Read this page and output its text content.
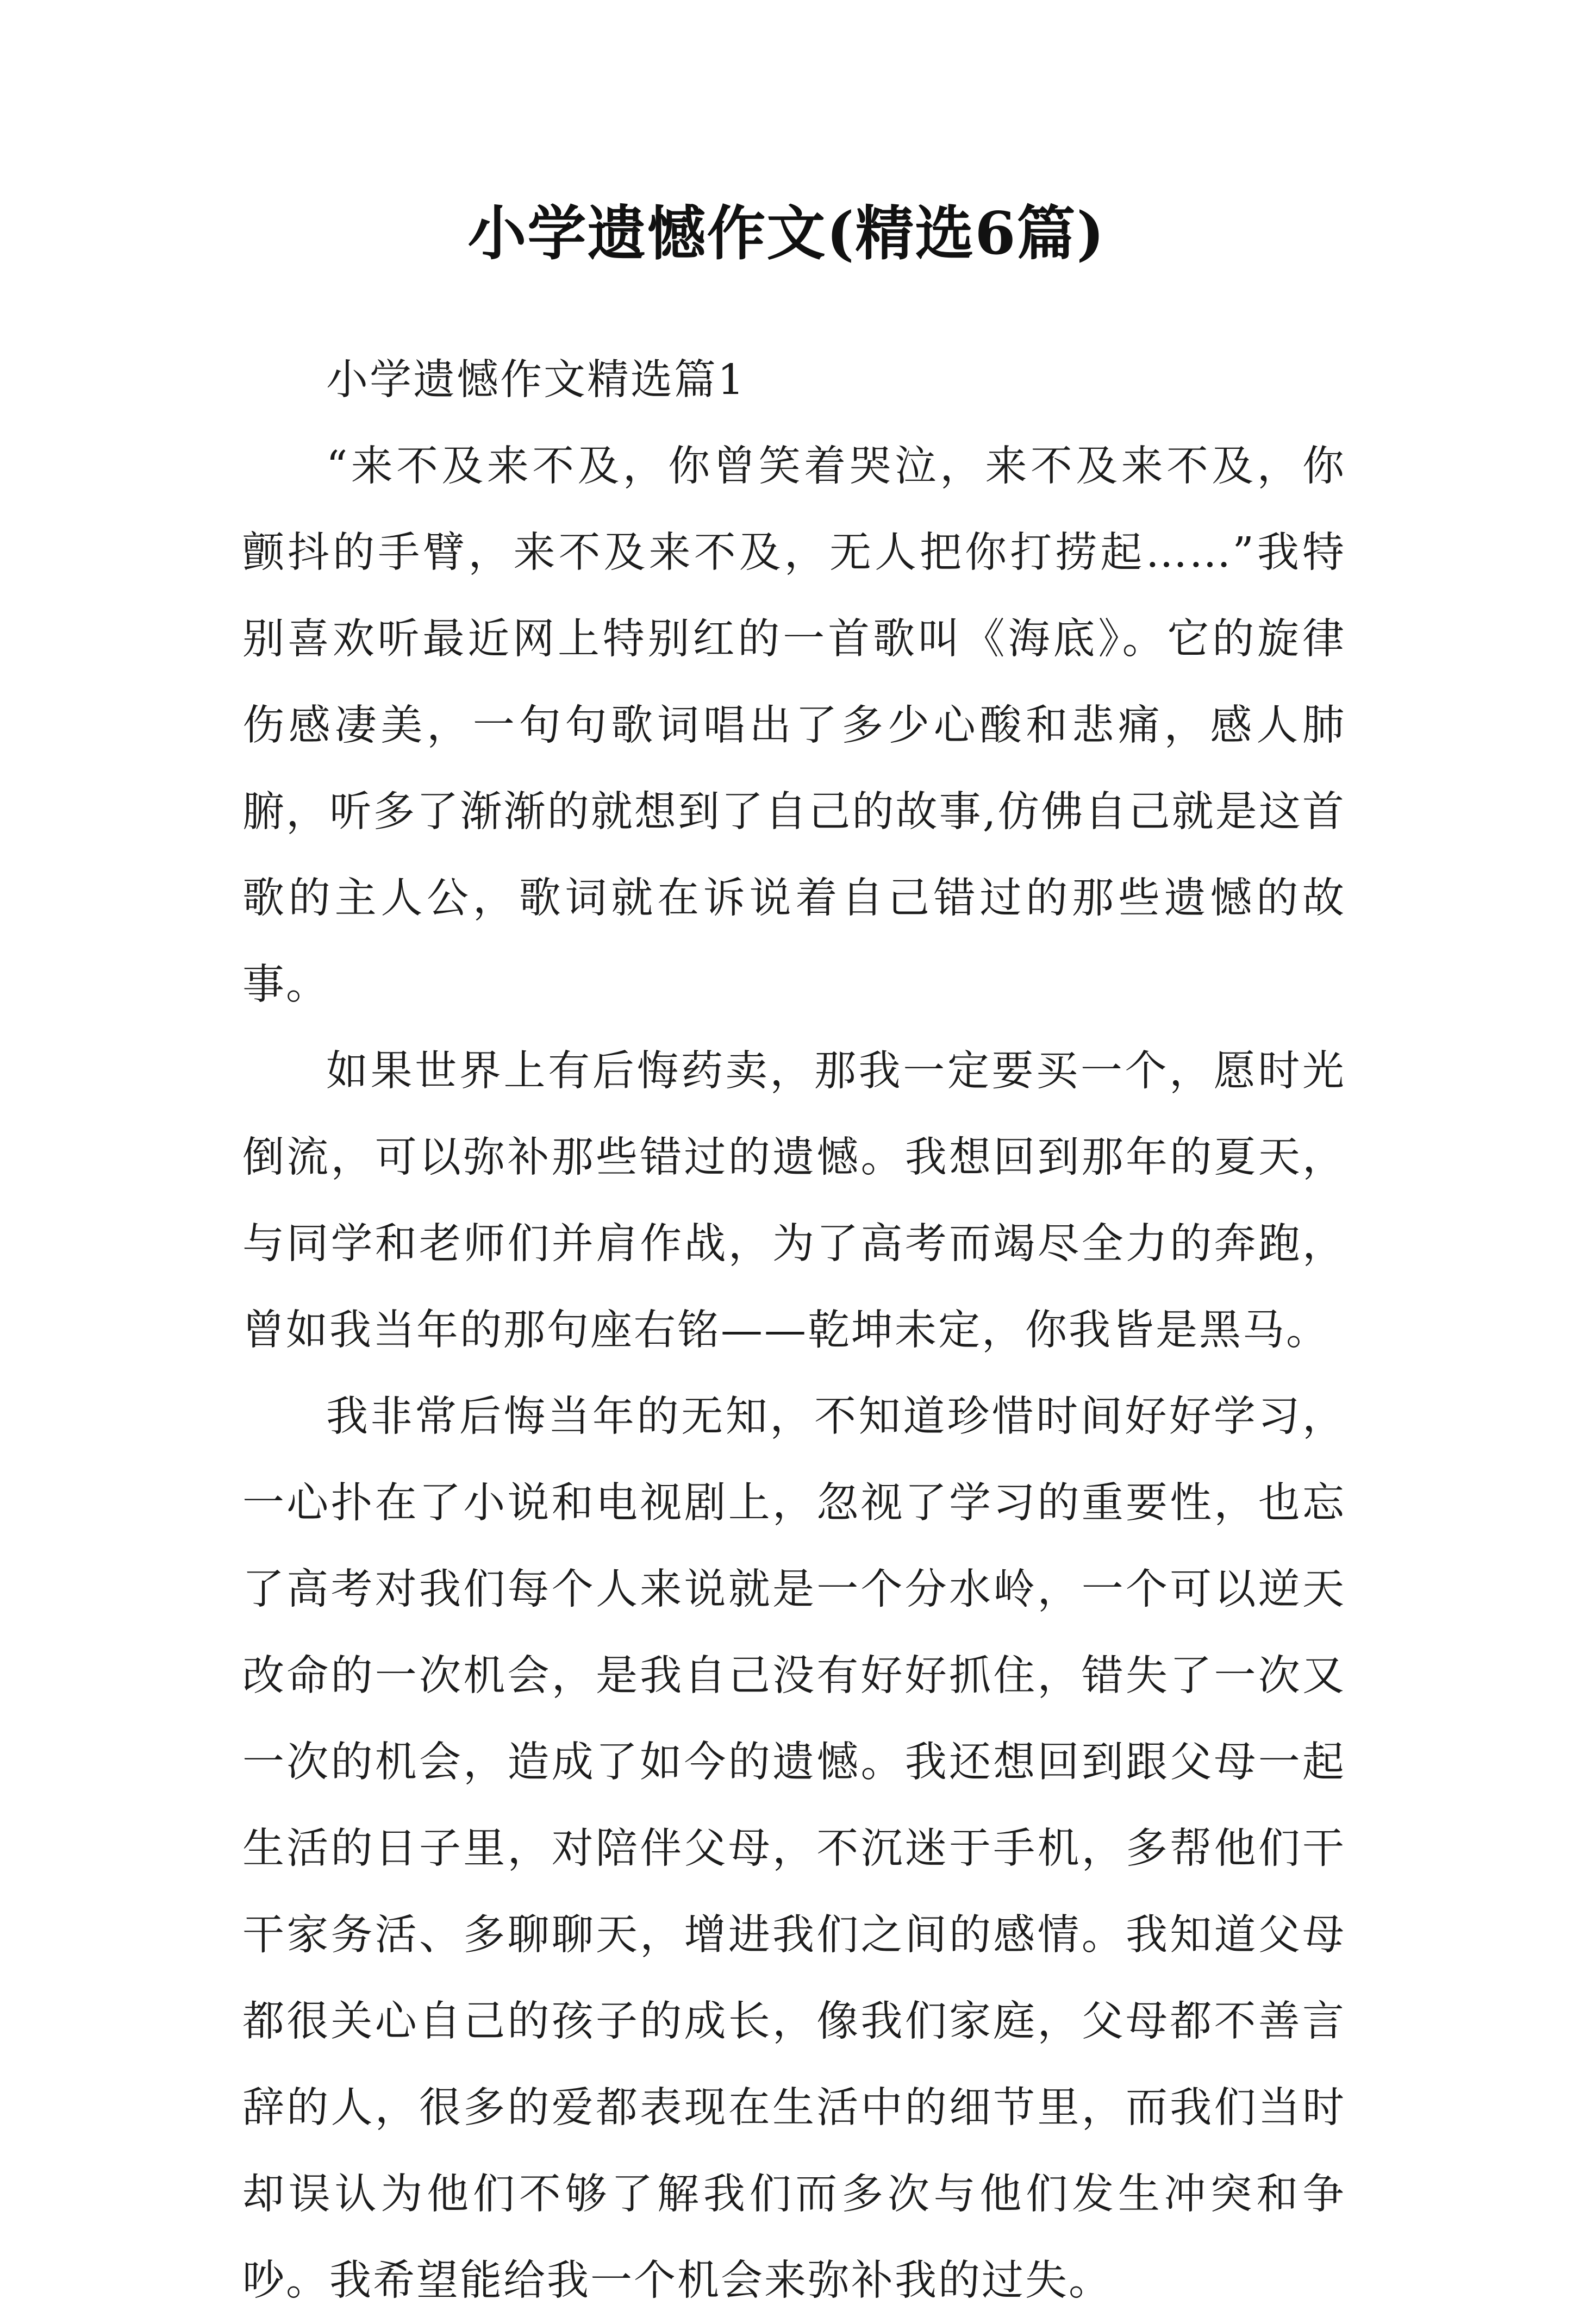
小学遗憾作文(精选6篇)

小学遗憾作文精选篇1

“来不及来不及，你曾笑着哭泣，来不及来不及，你颤抖的手臂，来不及来不及，无人把你打捞起……”我特别喜欢听最近网上特别红的一首歌叫《海底》。它的旋律伤感凄美，一句句歌词唱出了多少心酸和悲痛，感人肺腑，听多了渐渐的就想到了自己的故事,仿佛自己就是这首歌的主人公，歌词就在诉说着自己错过的那些遗憾的故事。

如果世界上有后悔药卖，那我一定要买一个，愿时光倒流，可以弥补那些错过的遗憾。我想回到那年的夏天，与同学和老师们并肩作战，为了高考而竭尽全力的奔跑，曾如我当年的那句座右铭——乾坤未定，你我皆是黑马。

我非常后悔当年的无知，不知道珍惜时间好好学习，一心扑在了小说和电视剧上，忽视了学习的重要性，也忘了高考对我们每个人来说就是一个分水岭，一个可以逆天改命的一次机会，是我自己没有好好抓住，错失了一次又一次的机会，造成了如今的遗憾。我还想回到跟父母一起生活的日子里，对陪伴父母，不沉迷于手机，多帮他们干干家务活、多聊聊天，增进我们之间的感情。我知道父母都很关心自己的孩子的成长，像我们家庭，父母都不善言辞的人，很多的爱都表现在生活中的细节里，而我们当时却误认为他们不够了解我们而多次与他们发生冲突和争吵。我希望能给我一个机会来弥补我的过失。
